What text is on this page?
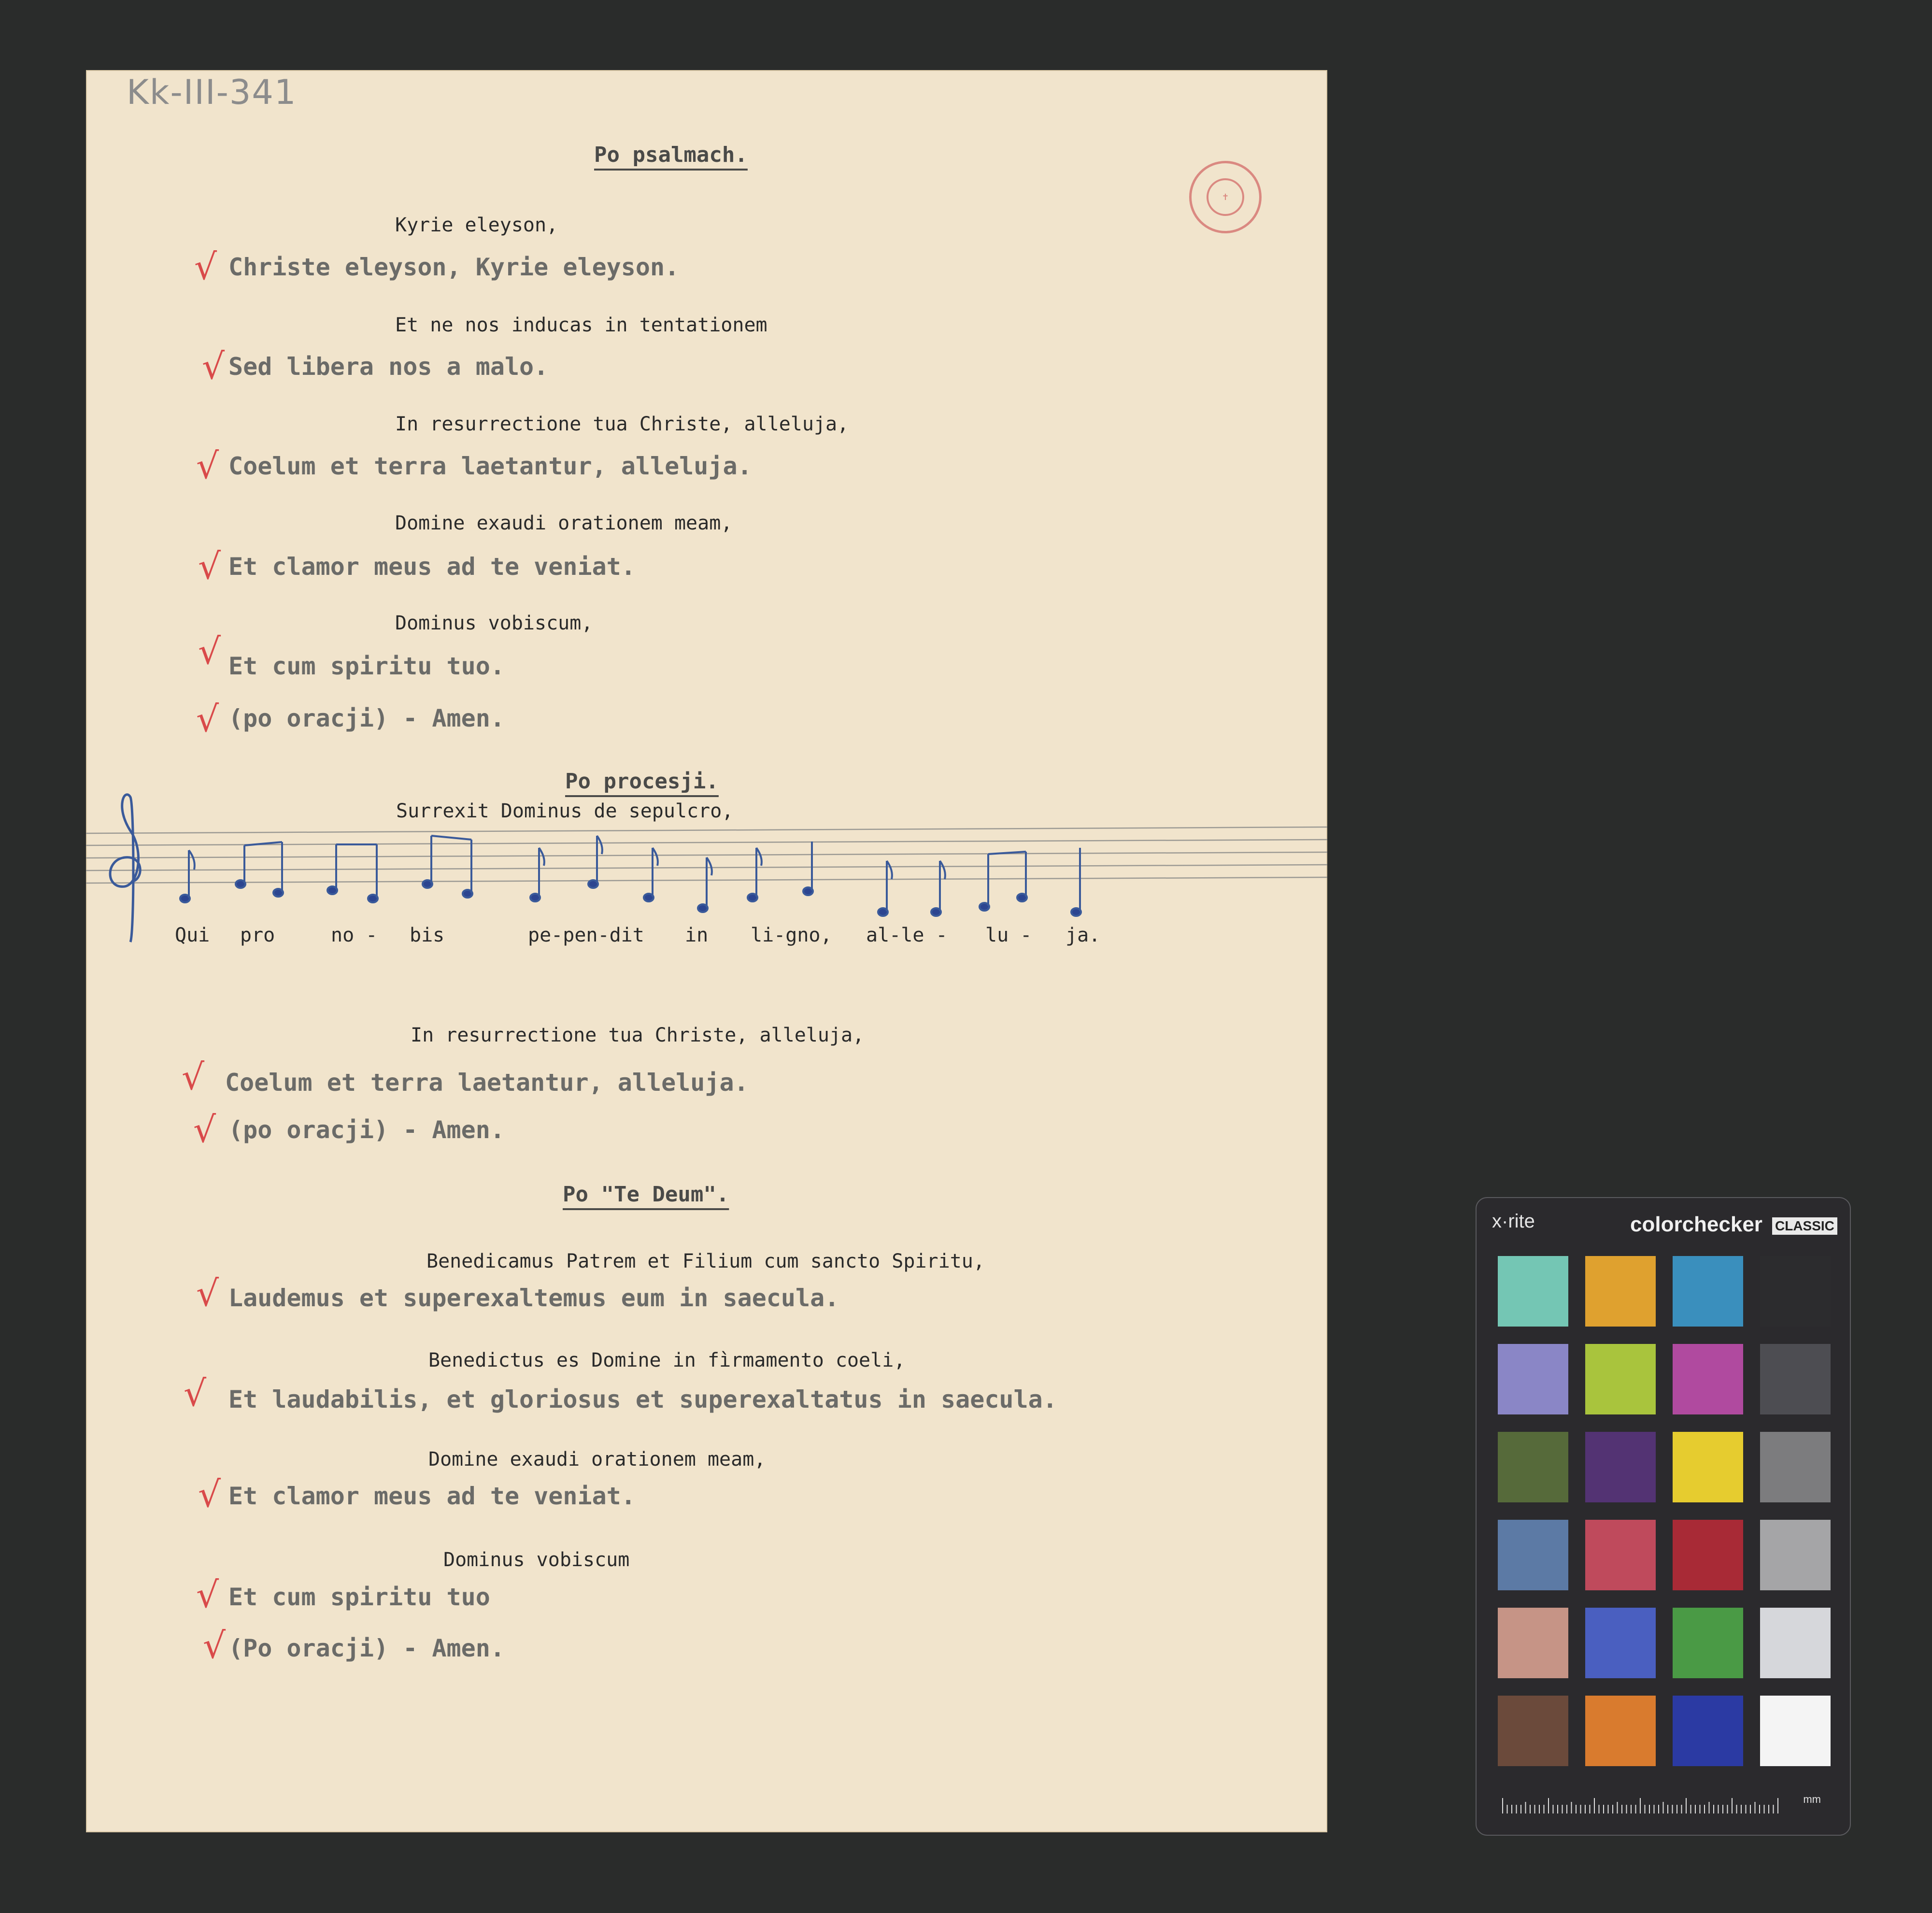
Kk-III-341
✝
Po psalmach.
Kyrie eleyson,
√ Christe eleyson, Kyrie eleyson.
Et ne nos inducas in tentationem
√ Sed libera nos a malo.
In resurrectione tua Christe, alleluja,
√ Coelum et terra laetantur, alleluja.
Domine exaudi orationem meam,
√ Et clamor meus ad te veniat.
Dominus vobiscum,
√ Et cum spiritu tuo.
√ (po oracji) - Amen.
Po procesji.
Surrexit Dominus de sepulcro,
Qui pro	no - bis	pe-pen-dit in li-gno, al-le - lu - ja.
In resurrectione tua Christe, alleluja,
√ Coelum et terra laetantur, alleluja.
√ (po oracji) - Amen.
Po "Te Deum".
Benedicamus Patrem et Filium cum sancto Spiritu,
√ Laudemus et superexaltemus eum in saecula.
Benedictus es Domine in fìrmamento coeli,
√ Et laudabilis, et gloriosus et superexaltatus in saecula.
Domine exaudi orationem meam,
√ Et clamor meus ad te veniat.
Dominus vobiscum
√ Et cum spiritu tuo
√ (Po oracji) - Amen.
x·rite	colorchecker CLASSIC
mm
